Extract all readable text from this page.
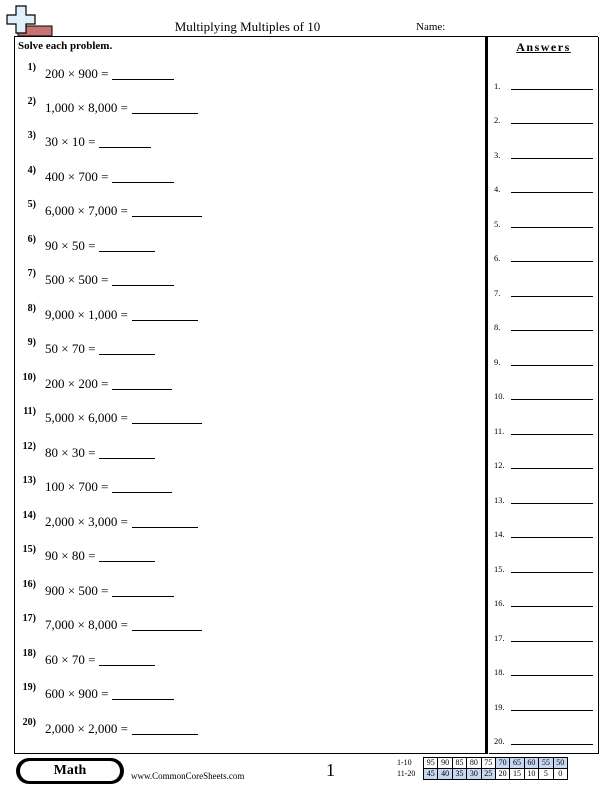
Multiplying Multiples of 10	Name:
Solve each problem.
1) 200 × 900 =
2) 1,000 × 8,000 =
3) 30 × 10 =
4) 400 × 700 =
5) 6,000 × 7,000 =
6) 90 × 50 =
7) 500 × 500 =
8) 9,000 × 1,000 =
9) 50 × 70 =
10) 200 × 200 =
11) 5,000 × 6,000 =
12) 80 × 30 =
13) 100 × 700 =
14) 2,000 × 3,000 =
15) 90 × 80 =
16) 900 × 500 =
17) 7,000 × 8,000 =
18) 60 × 70 =
19) 600 × 900 =
20) 2,000 × 2,000 =
Answers
1.
2.
3.
4.
5.
6.
7.
8.
9.
10.
11.
12.
13.
14.
15.
16.
17.
18.
19.
20.
Math	www.CommonCoreSheets.com	1	1-10	95	90	85	80	75	70	65	60	55	50
11-20	45	40	35	30	25	20	15	10	5	0
